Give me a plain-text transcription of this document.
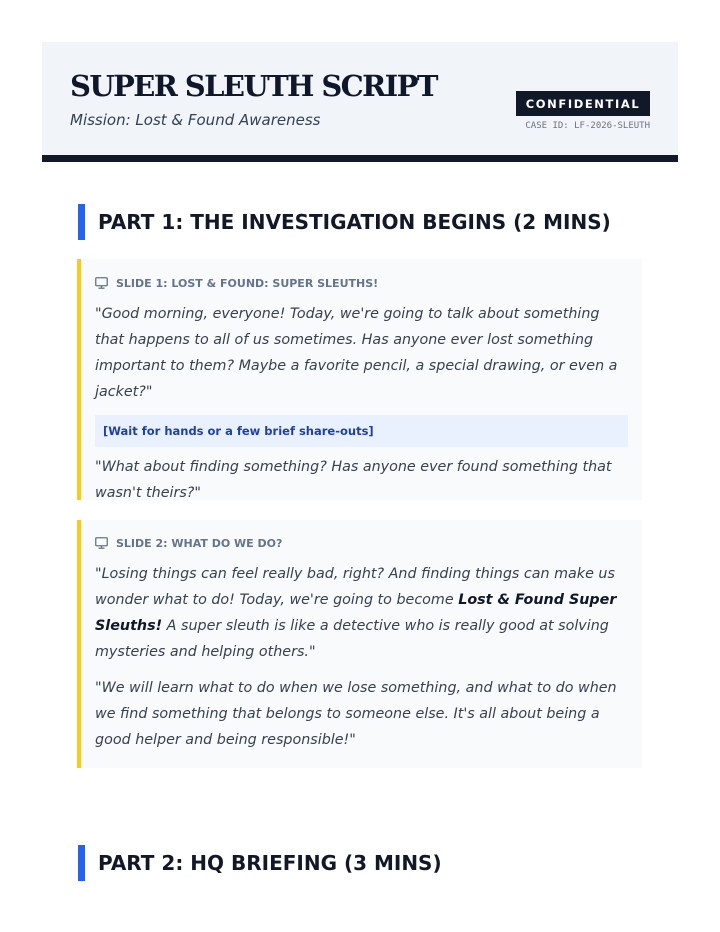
SUPER SLEUTH SCRIPT
Mission: Lost & Found Awareness
CONFIDENTIAL
CASE ID: LF-2026-SLEUTH
PART 1: THE INVESTIGATION BEGINS (2 MINS)
SLIDE 1: LOST & FOUND: SUPER SLEUTHS!

"Good morning, everyone! Today, we're going to talk about something that happens to all of us sometimes. Has anyone ever lost something important to them? Maybe a favorite pencil, a special drawing, or even a jacket?"

[Wait for hands or a few brief share-outs]

"What about finding something? Has anyone ever found something that wasn't theirs?"

SLIDE 2: WHAT DO WE DO?

"Losing things can feel really bad, right? And finding things can make us wonder what to do! Today, we're going to become Lost & Found Super Sleuths! A super sleuth is like a detective who is really good at solving mysteries and helping others."

"We will learn what to do when we lose something, and what to do when we find something that belongs to someone else. It's all about being a good helper and being responsible!"

PART 2: HQ BRIEFING (3 MINS)
